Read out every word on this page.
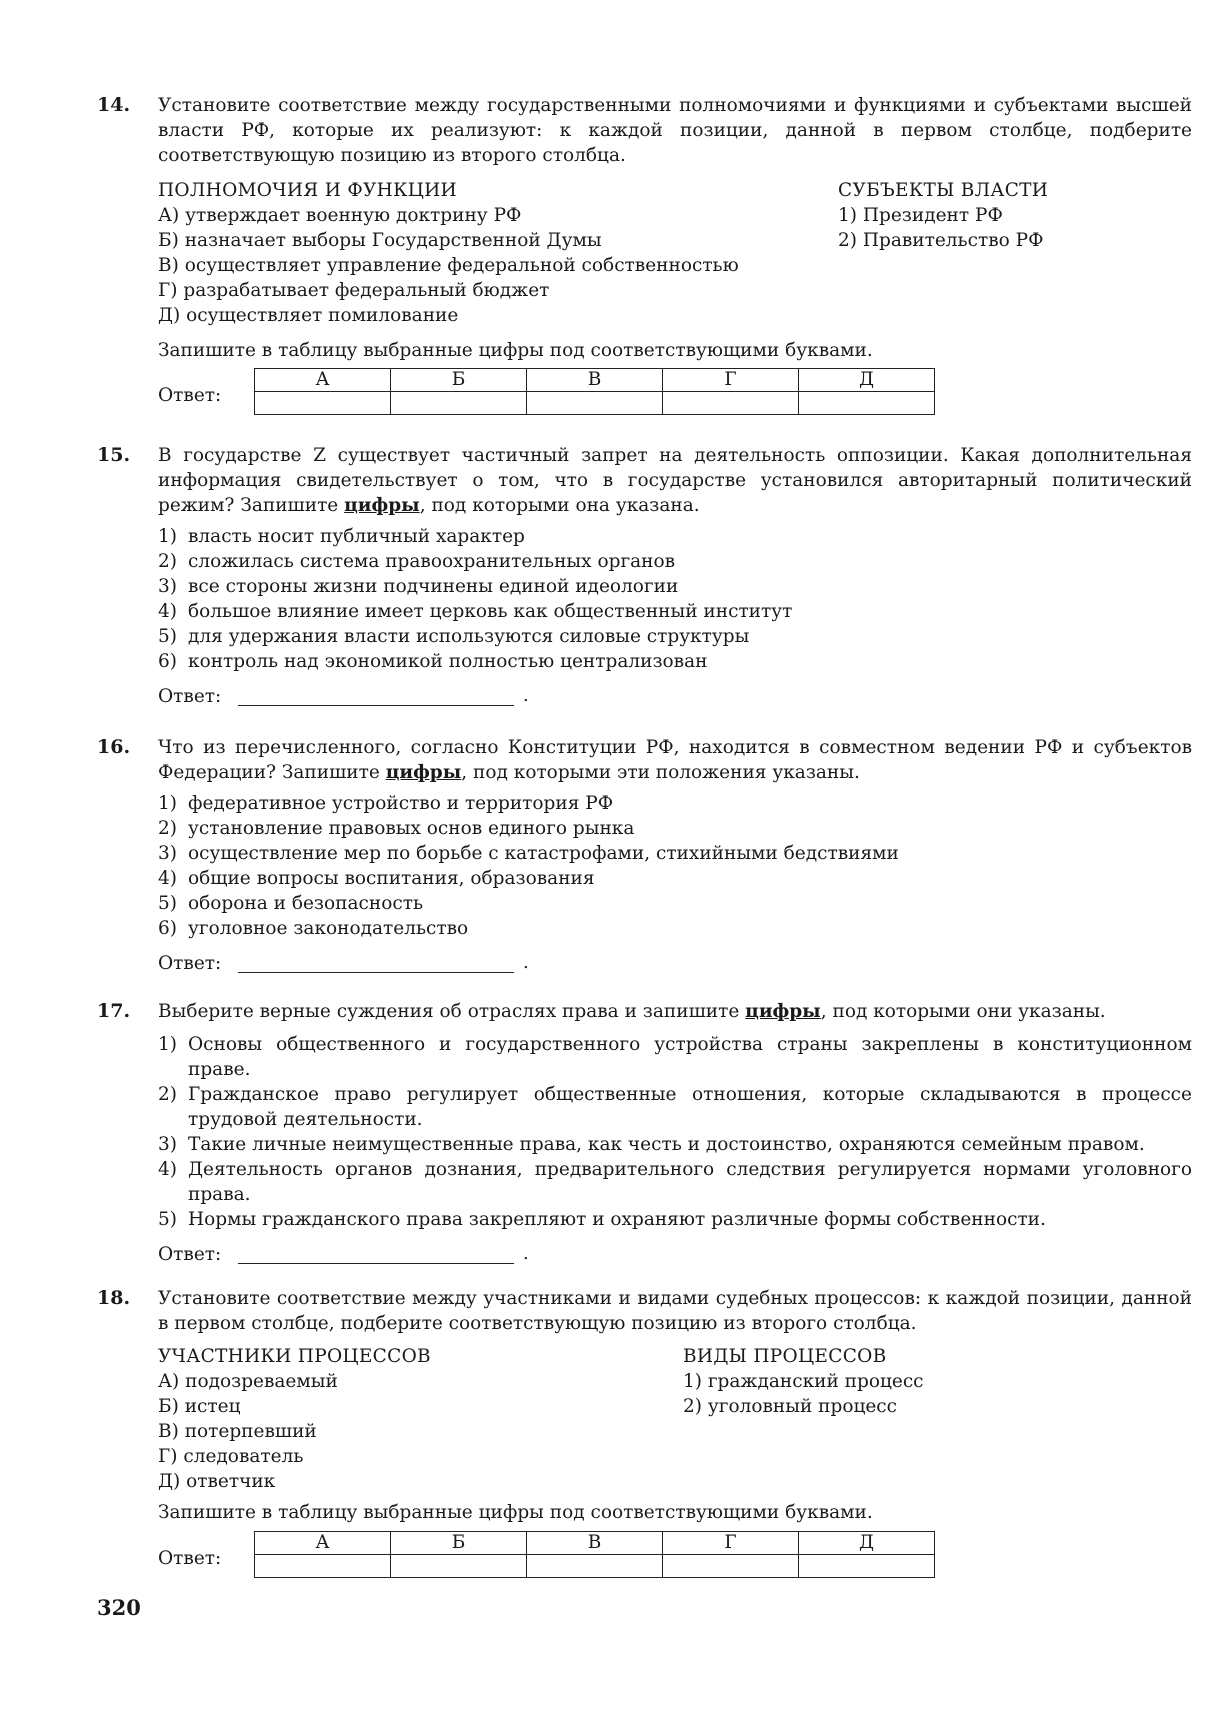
14. Установите соответствие между государственными полномочиями и функциями и субъектами высшей власти РФ, которые их реализуют: к каждой позиции, данной в первом столбце, подберите соответствующую позицию из второго столбца.
ПОЛНОМОЧИЯ И ФУНКЦИИ
А) утверждает военную доктрину РФ
Б) назначает выборы Государственной Думы
В) осуществляет управление федеральной собственностью
Г) разрабатывает федеральный бюджет
Д) осуществляет помилование
СУБЪЕКТЫ ВЛАСТИ
1) Президент РФ
2) Правительство РФ
Запишите в таблицу выбранные цифры под соответствующими буквами.
Ответ:
А	Б	В	Г	Д

15. В государстве Z существует частичный запрет на деятельность оппозиции. Какая дополнительная информация свидетельствует о том, что в государстве установился авторитарный политический режим? Запишите цифры, под которыми она указана.
1) власть носит публичный характер
2) сложилась система правоохранительных органов
3) все стороны жизни подчинены единой идеологии
4) большое влияние имеет церковь как общественный институт
5) для удержания власти используются силовые структуры
6) контроль над экономикой полностью централизован
Ответ:	.
16. Что из перечисленного, согласно Конституции РФ, находится в совместном ведении РФ и субъектов Федерации? Запишите цифры, под которыми эти положения указаны.
1) федеративное устройство и территория РФ
2) установление правовых основ единого рынка
3) осуществление мер по борьбе с катастрофами, стихийными бедствиями
4) общие вопросы воспитания, образования
5) оборона и безопасность
6) уголовное законодательство
Ответ:	.
17. Выберите верные суждения об отраслях права и запишите цифры, под которыми они указаны.
1) Основы общественного и государственного устройства страны закреплены в конституционном праве.
2) Гражданское право регулирует общественные отношения, которые складываются в процессе трудовой деятельности.
3) Такие личные неимущественные права, как честь и достоинство, охраняются семейным правом.
4) Деятельность органов дознания, предварительного следствия регулируется нормами уголовного права.
5) Нормы гражданского права закрепляют и охраняют различные формы собственности.
Ответ:	.
18. Установите соответствие между участниками и видами судебных процессов: к каждой позиции, данной в первом столбце, подберите соответствующую позицию из второго столбца.
УЧАСТНИКИ ПРОЦЕССОВ
А) подозреваемый
Б) истец
В) потерпевший
Г) следователь
Д) ответчик
ВИДЫ ПРОЦЕССОВ
1) гражданский процесс
2) уголовный процесс
Запишите в таблицу выбранные цифры под соответствующими буквами.
Ответ:
А	Б	В	Г	Д

320
